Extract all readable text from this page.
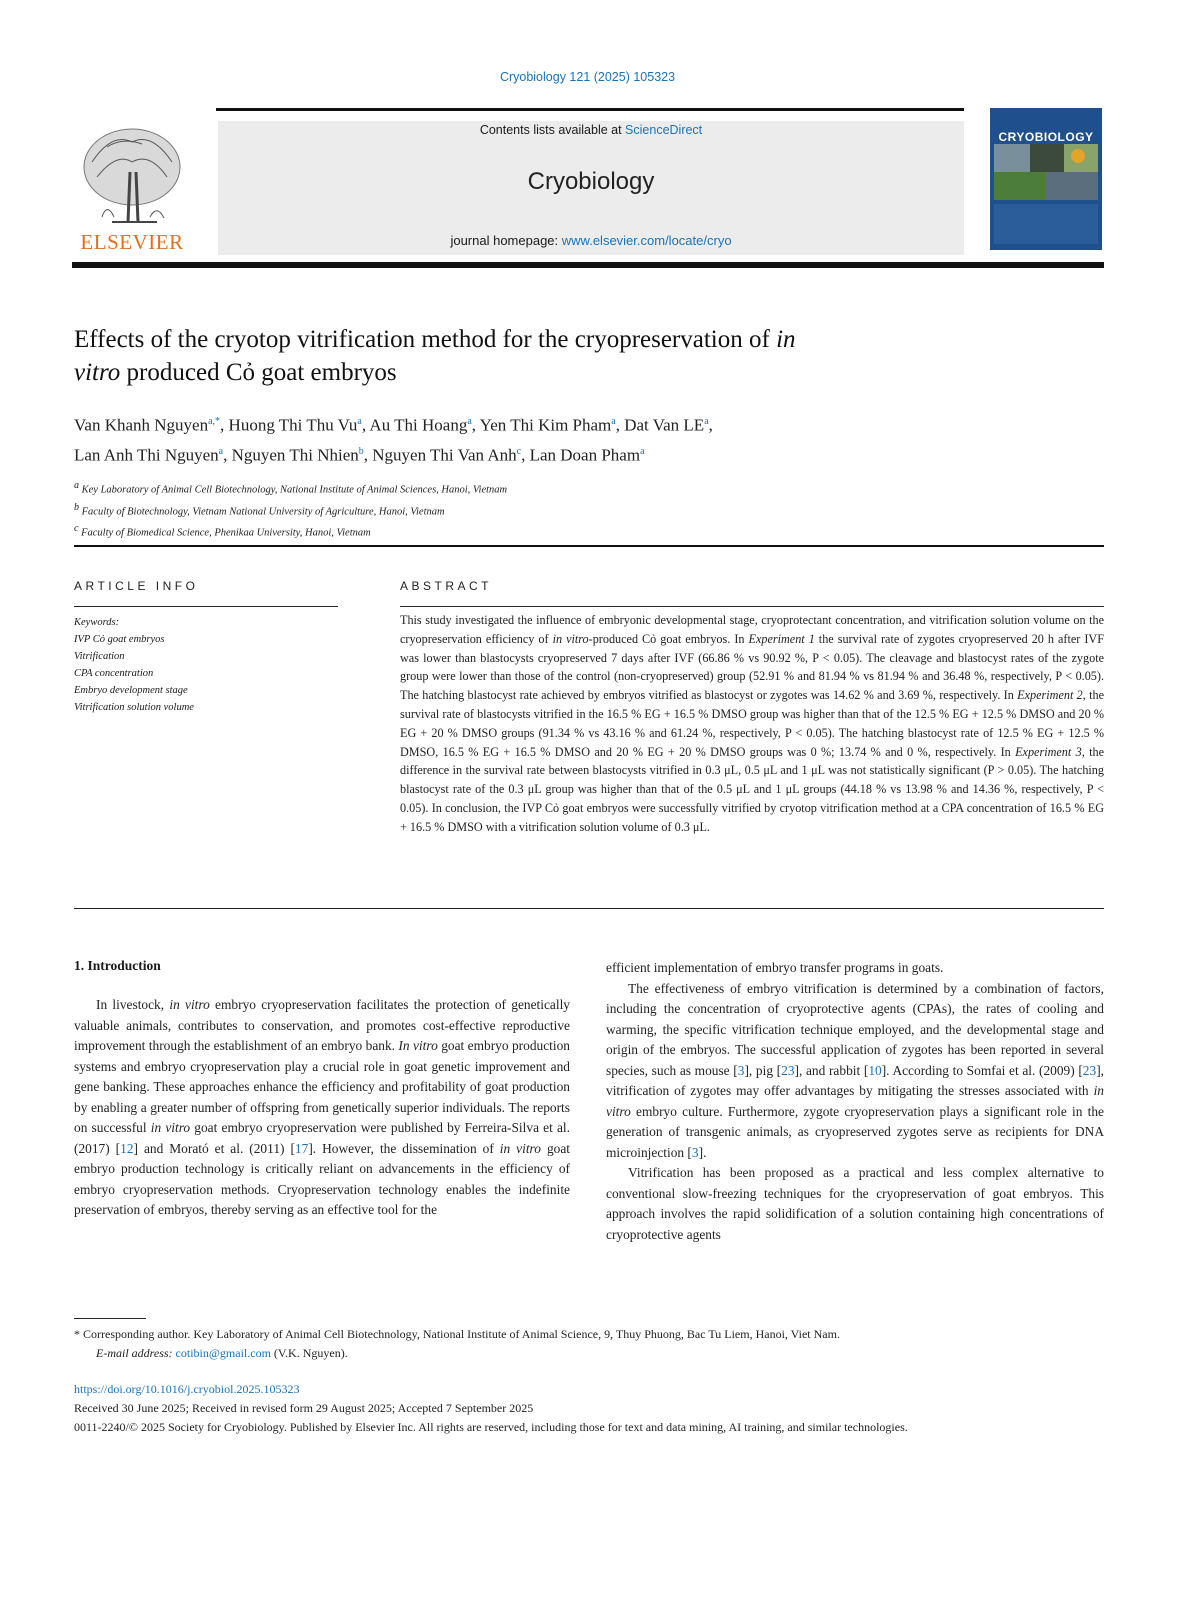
Cryobiology 121 (2025) 105323
Contents lists available at ScienceDirect
Cryobiology
journal homepage: www.elsevier.com/locate/cryo
ELSEVIER
CRYOBIOLOGY
Effects of the cryotop vitrification method for the cryopreservation of in
vitro produced Cỏ goat embryos
Van Khanh Nguyen$^{a,*}$, Huong Thi Thu Vu$^a$, Au Thi Hoang$^a$, Yen Thi Kim Pham$^a$, Dat Van $LE^a$,
Lan Anh Thi Nguyen$^a$, Nguyen Thi Nhien$^b$, Nguyen Thi Van Anh$^c$, Lan Doan Pham$^a$
$^a$ Key Laboratory of Animal Cell Biotechnology, National Institute of Animal Sciences, Hanoi, Vietnam
$^b$ Faculty of Biotechnology, Vietnam National University of Agriculture, Hanoi, Vietnam
$^c$ Faculty of Biomedical Science, Phenikaa University, Hanoi, Vietnam
ARTICLE INFO
Keywords:
IVP Cỏ goat embryos
Vitrification
CPA concentration
Embryo development stage
Vitrification solution volume
ABSTRACT
This study investigated the influence of embryonic developmental stage, cryoprotectant concentration, and vitrification solution volume on the cryopreservation efficiency of in vitro-produced Cỏ goat embryos. In Experiment 1 the survival rate of zygotes cryopreserved 20 h after IVF was lower than blastocysts cryopreserved 7 days after IVF (66.86 % vs 90.92 %, P < 0.05). The cleavage and blastocyst rates of the zygote group were lower than those of the control (non-cryopreserved) group (52.91 % and 81.94 % vs 81.94 % and 36.48 %, respectively, P < 0.05). The hatching blastocyst rate achieved by embryos vitrified as blastocyst or zygotes was 14.62 % and 3.69 %, respectively. In Experiment 2, the survival rate of blastocysts vitrified in the 16.5 % EG + 16.5 % DMSO group was higher than that of the 12.5 % EG + 12.5 % DMSO and 20 % EG + 20 % DMSO groups (91.34 % vs 43.16 % and 61.24 %, respectively, P < 0.05). The hatching blastocyst rate of 12.5 % EG + 12.5 % DMSO, 16.5 % EG + 16.5 % DMSO and 20 % EG + 20 % DMSO groups was 0 %; 13.74 % and 0 %, respectively. In Experiment 3, the difference in the survival rate between blastocysts vitrified in 0.3 μL, 0.5 μL and 1 μL was not statistically significant (P > 0.05). The hatching blastocyst rate of the 0.3 μL group was higher than that of the 0.5 μL and 1 μL groups (44.18 % vs 13.98 % and 14.36 %, respectively, P < 0.05). In conclusion, the IVP Cỏ goat embryos were successfully vitrified by cryotop vitrification method at a CPA concentration of 16.5 % EG + 16.5 % DMSO with a vitrification solution volume of 0.3 μL.
1. Introduction

In livestock, in vitro embryo cryopreservation facilitates the protection of genetically valuable animals, contributes to conservation, and promotes cost-effective reproductive improvement through the establishment of an embryo bank. In vitro goat embryo production systems and embryo cryopreservation play a crucial role in goat genetic improvement and gene banking. These approaches enhance the efficiency and profitability of goat production by enabling a greater number of offspring from genetically superior individuals. The reports on successful in vitro goat embryo cryopreservation were published by Ferreira-Silva et al. (2017) [12] and Morató et al. (2011) [17]. However, the dissemination of in vitro goat embryo production technology is critically reliant on advancements in the efficiency of embryo cryopreservation methods. Cryopreservation technology enables the indefinite preservation of embryos, thereby serving as an effective tool for the

efficient implementation of embryo transfer programs in goats.

The effectiveness of embryo vitrification is determined by a combination of factors, including the concentration of cryoprotective agents (CPAs), the rates of cooling and warming, the specific vitrification technique employed, and the developmental stage and origin of the embryos. The successful application of zygotes has been reported in several species, such as mouse [3], pig [23], and rabbit [10]. According to Somfai et al. (2009) [23], vitrification of zygotes may offer advantages by mitigating the stresses associated with in vitro embryo culture. Furthermore, zygote cryopreservation plays a significant role in the generation of transgenic animals, as cryopreserved zygotes serve as recipients for DNA microinjection [3].

Vitrification has been proposed as a practical and less complex alternative to conventional slow-freezing techniques for the cryopreservation of goat embryos. This approach involves the rapid solidification of a solution containing high concentrations of cryoprotective agents

* Corresponding author. Key Laboratory of Animal Cell Biotechnology, National Institute of Animal Science, 9, Thuy Phuong, Bac Tu Liem, Hanoi, Viet Nam.
E-mail address: cotibin@gmail.com (V.K. Nguyen).
https://doi.org/10.1016/j.cryobiol.2025.105323
Received 30 June 2025; Received in revised form 29 August 2025; Accepted 7 September 2025
0011-2240/© 2025 Society for Cryobiology. Published by Elsevier Inc. All rights are reserved, including those for text and data mining, AI training, and similar technologies.
